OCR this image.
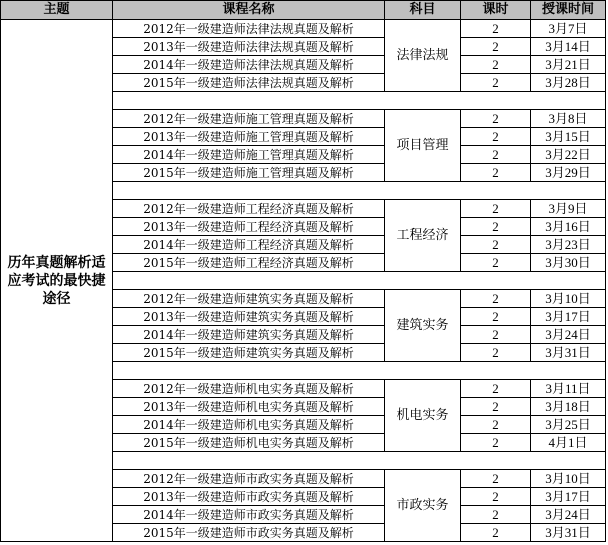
主题	课程名称	科目	课时	授课时间
历年真题解析适应考试的最快捷途径	2012年一级建造师法律法规真题及解析	法律法规	2	3月7日
	2013年一级建造师法律法规真题及解析		2	3月14日
	2014年一级建造师法律法规真题及解析		2	3月21日
	2015年一级建造师法律法规真题及解析		2	3月28日

	2012年一级建造师施工管理真题及解析	项目管理	2	3月8日
	2013年一级建造师施工管理真题及解析		2	3月15日
	2014年一级建造师施工管理真题及解析		2	3月22日
	2015年一级建造师施工管理真题及解析		2	3月29日

	2012年一级建造师工程经济真题及解析	工程经济	2	3月9日
	2013年一级建造师工程经济真题及解析		2	3月16日
	2014年一级建造师工程经济真题及解析		2	3月23日
	2015年一级建造师工程经济真题及解析		2	3月30日

	2012年一级建造师建筑实务真题及解析	建筑实务	2	3月10日
	2013年一级建造师建筑实务真题及解析		2	3月17日
	2014年一级建造师建筑实务真题及解析		2	3月24日
	2015年一级建造师建筑实务真题及解析		2	3月31日

	2012年一级建造师机电实务真题及解析	机电实务	2	3月11日
	2013年一级建造师机电实务真题及解析		2	3月18日
	2014年一级建造师机电实务真题及解析		2	3月25日
	2015年一级建造师机电实务真题及解析		2	4月1日

	2012年一级建造师市政实务真题及解析	市政实务	2	3月10日
	2013年一级建造师市政实务真题及解析		2	3月17日
	2014年一级建造师市政实务真题及解析		2	3月24日
	2015年一级建造师市政实务真题及解析		2	3月31日
